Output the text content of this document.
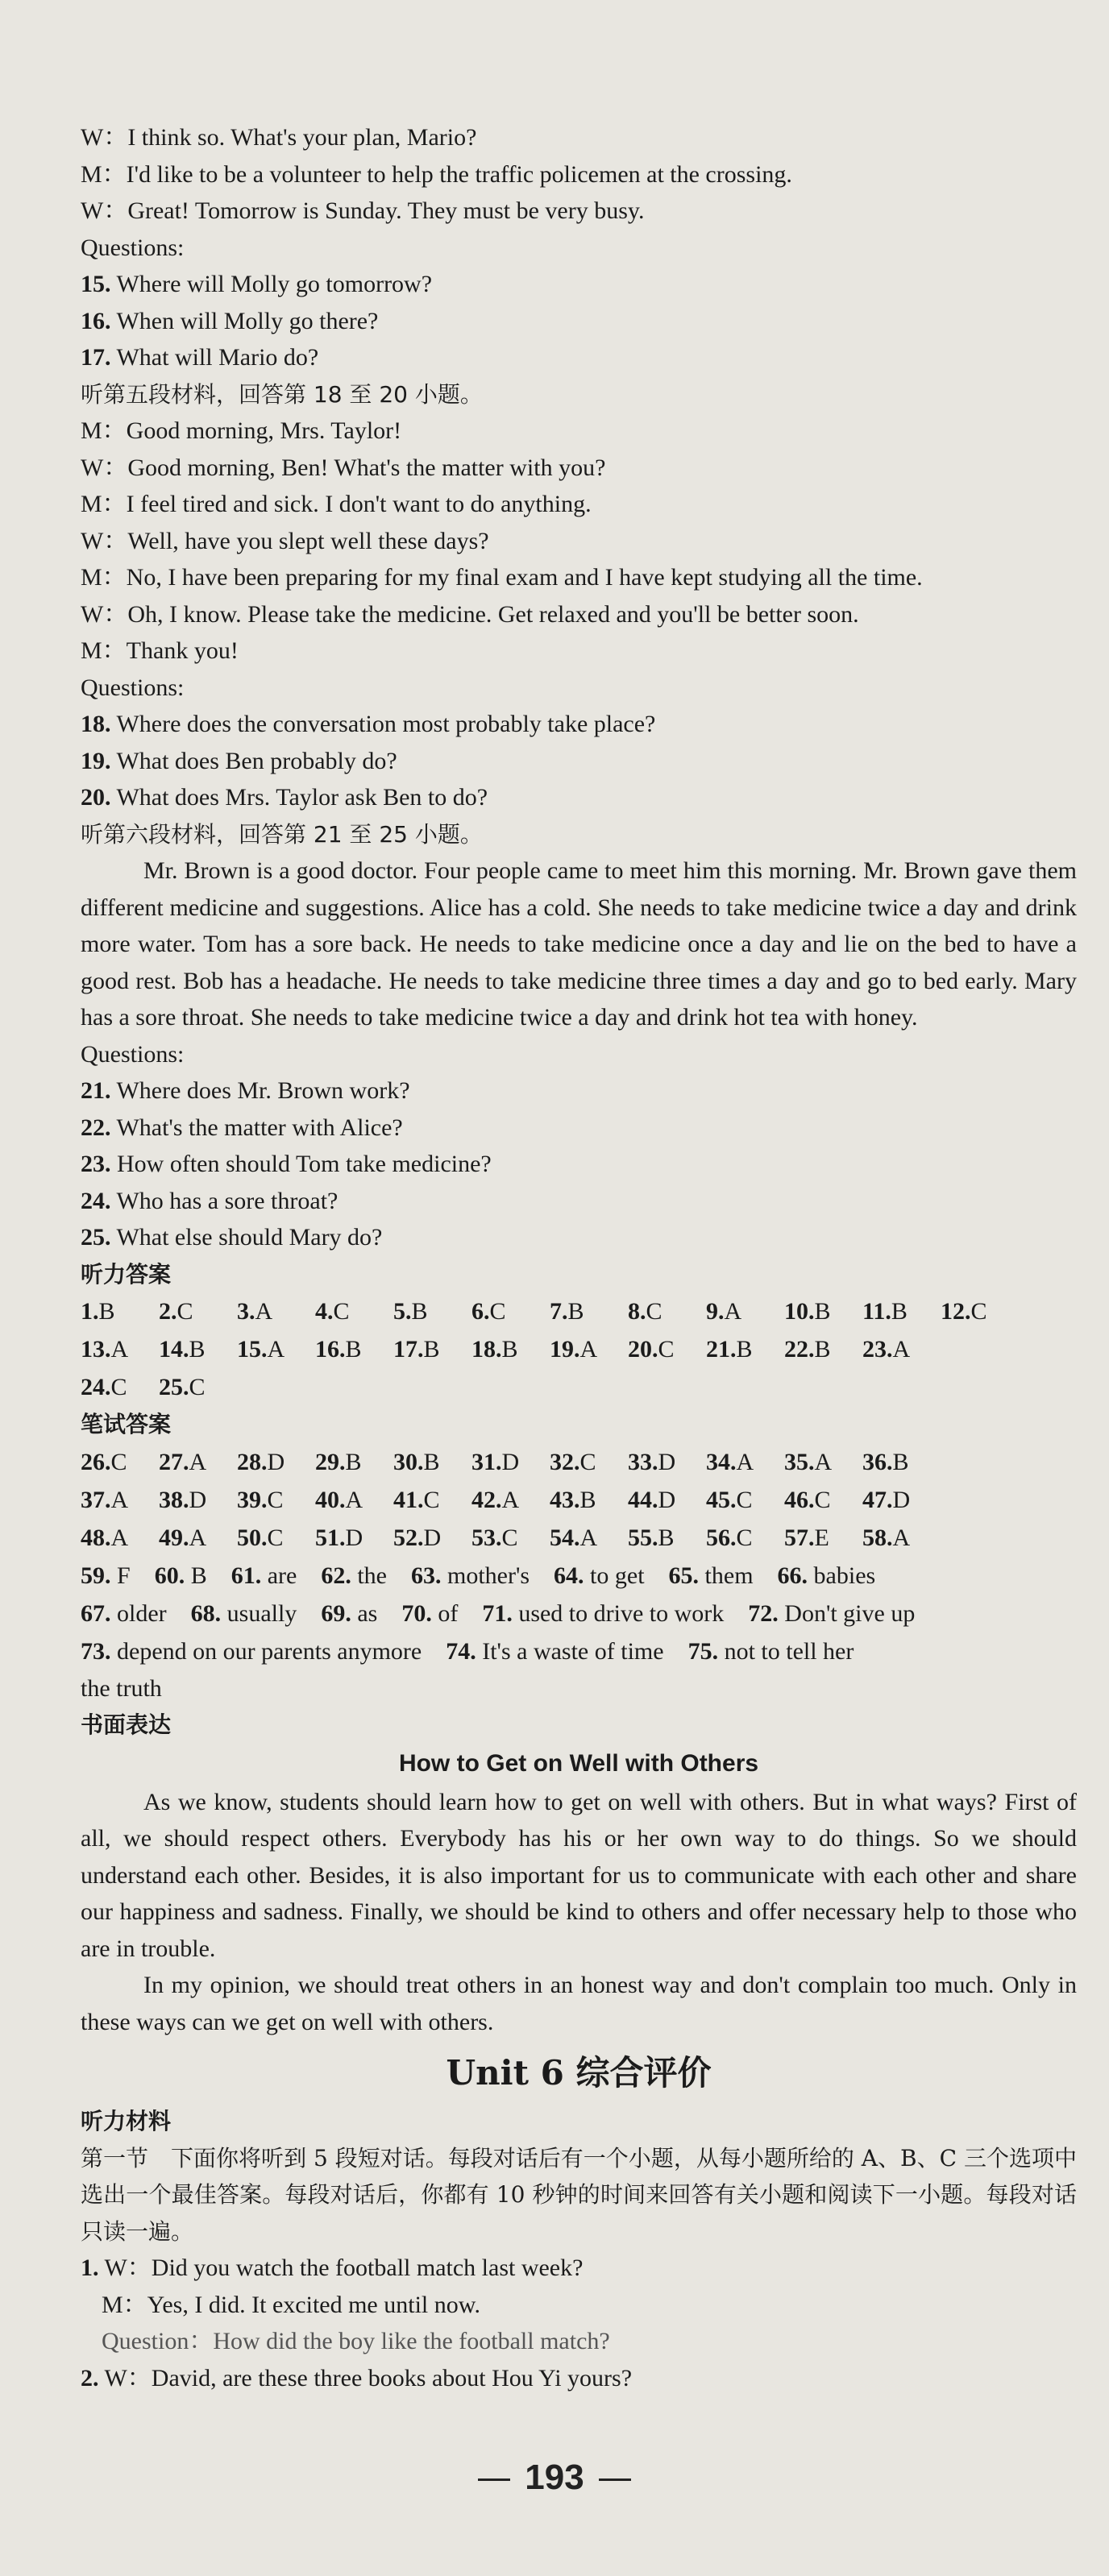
W：I think so. What's your plan, Mario?
M：I'd like to be a volunteer to help the traffic policemen at the crossing.
W：Great! Tomorrow is Sunday. They must be very busy.
Questions:
15. Where will Molly go tomorrow?
16. When will Molly go there?
17. What will Mario do?
听第五段材料，回答第 18 至 20 小题。
M：Good morning, Mrs. Taylor!
W：Good morning, Ben! What's the matter with you?
M：I feel tired and sick. I don't want to do anything.
W：Well, have you slept well these days?
M：No, I have been preparing for my final exam and I have kept studying all the time.
W：Oh, I know. Please take the medicine. Get relaxed and you'll be better soon.
M：Thank you!
Questions:
18. Where does the conversation most probably take place?
19. What does Ben probably do?
20. What does Mrs. Taylor ask Ben to do?
听第六段材料，回答第 21 至 25 小题。

Mr. Brown is a good doctor. Four people came to meet him this morning. Mr. Brown gave them different medicine and suggestions. Alice has a cold. She needs to take medicine twice a day and drink more water. Tom has a sore back. He needs to take medicine once a day and lie on the bed to have a good rest. Bob has a headache. He needs to take medicine three times a day and go to bed early. Mary has a sore throat. She needs to take medicine twice a day and drink hot tea with honey.

Questions:
21. Where does Mr. Brown work?
22. What's the matter with Alice?
23. How often should Tom take medicine?
24. Who has a sore throat?
25. What else should Mary do?
听力答案
1.B	2.C	3.A	4.C	5.B	6.C	7.B	8.C	9.A	10.B	11.B	12.C
13.A	14.B	15.A	16.B	17.B	18.B	19.A	20.C	21.B	22.B	23.A
24.C	25.C
笔试答案
26.C	27.A	28.D	29.B	30.B	31.D	32.C	33.D	34.A	35.A	36.B
37.A	38.D	39.C	40.A	41.C	42.A	43.B	44.D	45.C	46.C	47.D
48.A	49.A	50.C	51.D	52.D	53.C	54.A	55.B	56.C	57.E	58.A
59. F 60. B 61. are 62. the 63. mother's 64. to get 65. them 66. babies
67. older 68. usually 69. as 70. of 71. used to drive to work 72. Don't give up
73. depend on our parents anymore 74. It's a waste of time 75. not to tell her
the truth
书面表达
How to Get on Well with Others

As we know, students should learn how to get on well with others. But in what ways? First of all, we should respect others. Everybody has his or her own way to do things. So we should understand each other. Besides, it is also important for us to communicate with each other and share our happiness and sadness. Finally, we should be kind to others and offer necessary help to those who are in trouble.

In my opinion, we should treat others in an honest way and don't complain too much. Only in these ways can we get on well with others.

Unit 6 综合评价
听力材料

第一节　下面你将听到 5 段短对话。每段对话后有一个小题，从每小题所给的 A、B、C 三个选项中选出一个最佳答案。每段对话后，你都有 10 秒钟的时间来回答有关小题和阅读下一小题。每段对话只读一遍。

1. W：Did you watch the football match last week?
M：Yes, I did. It excited me until now.
Question：How did the boy like the football match?
2. W：David, are these three books about Hou Yi yours?
193
